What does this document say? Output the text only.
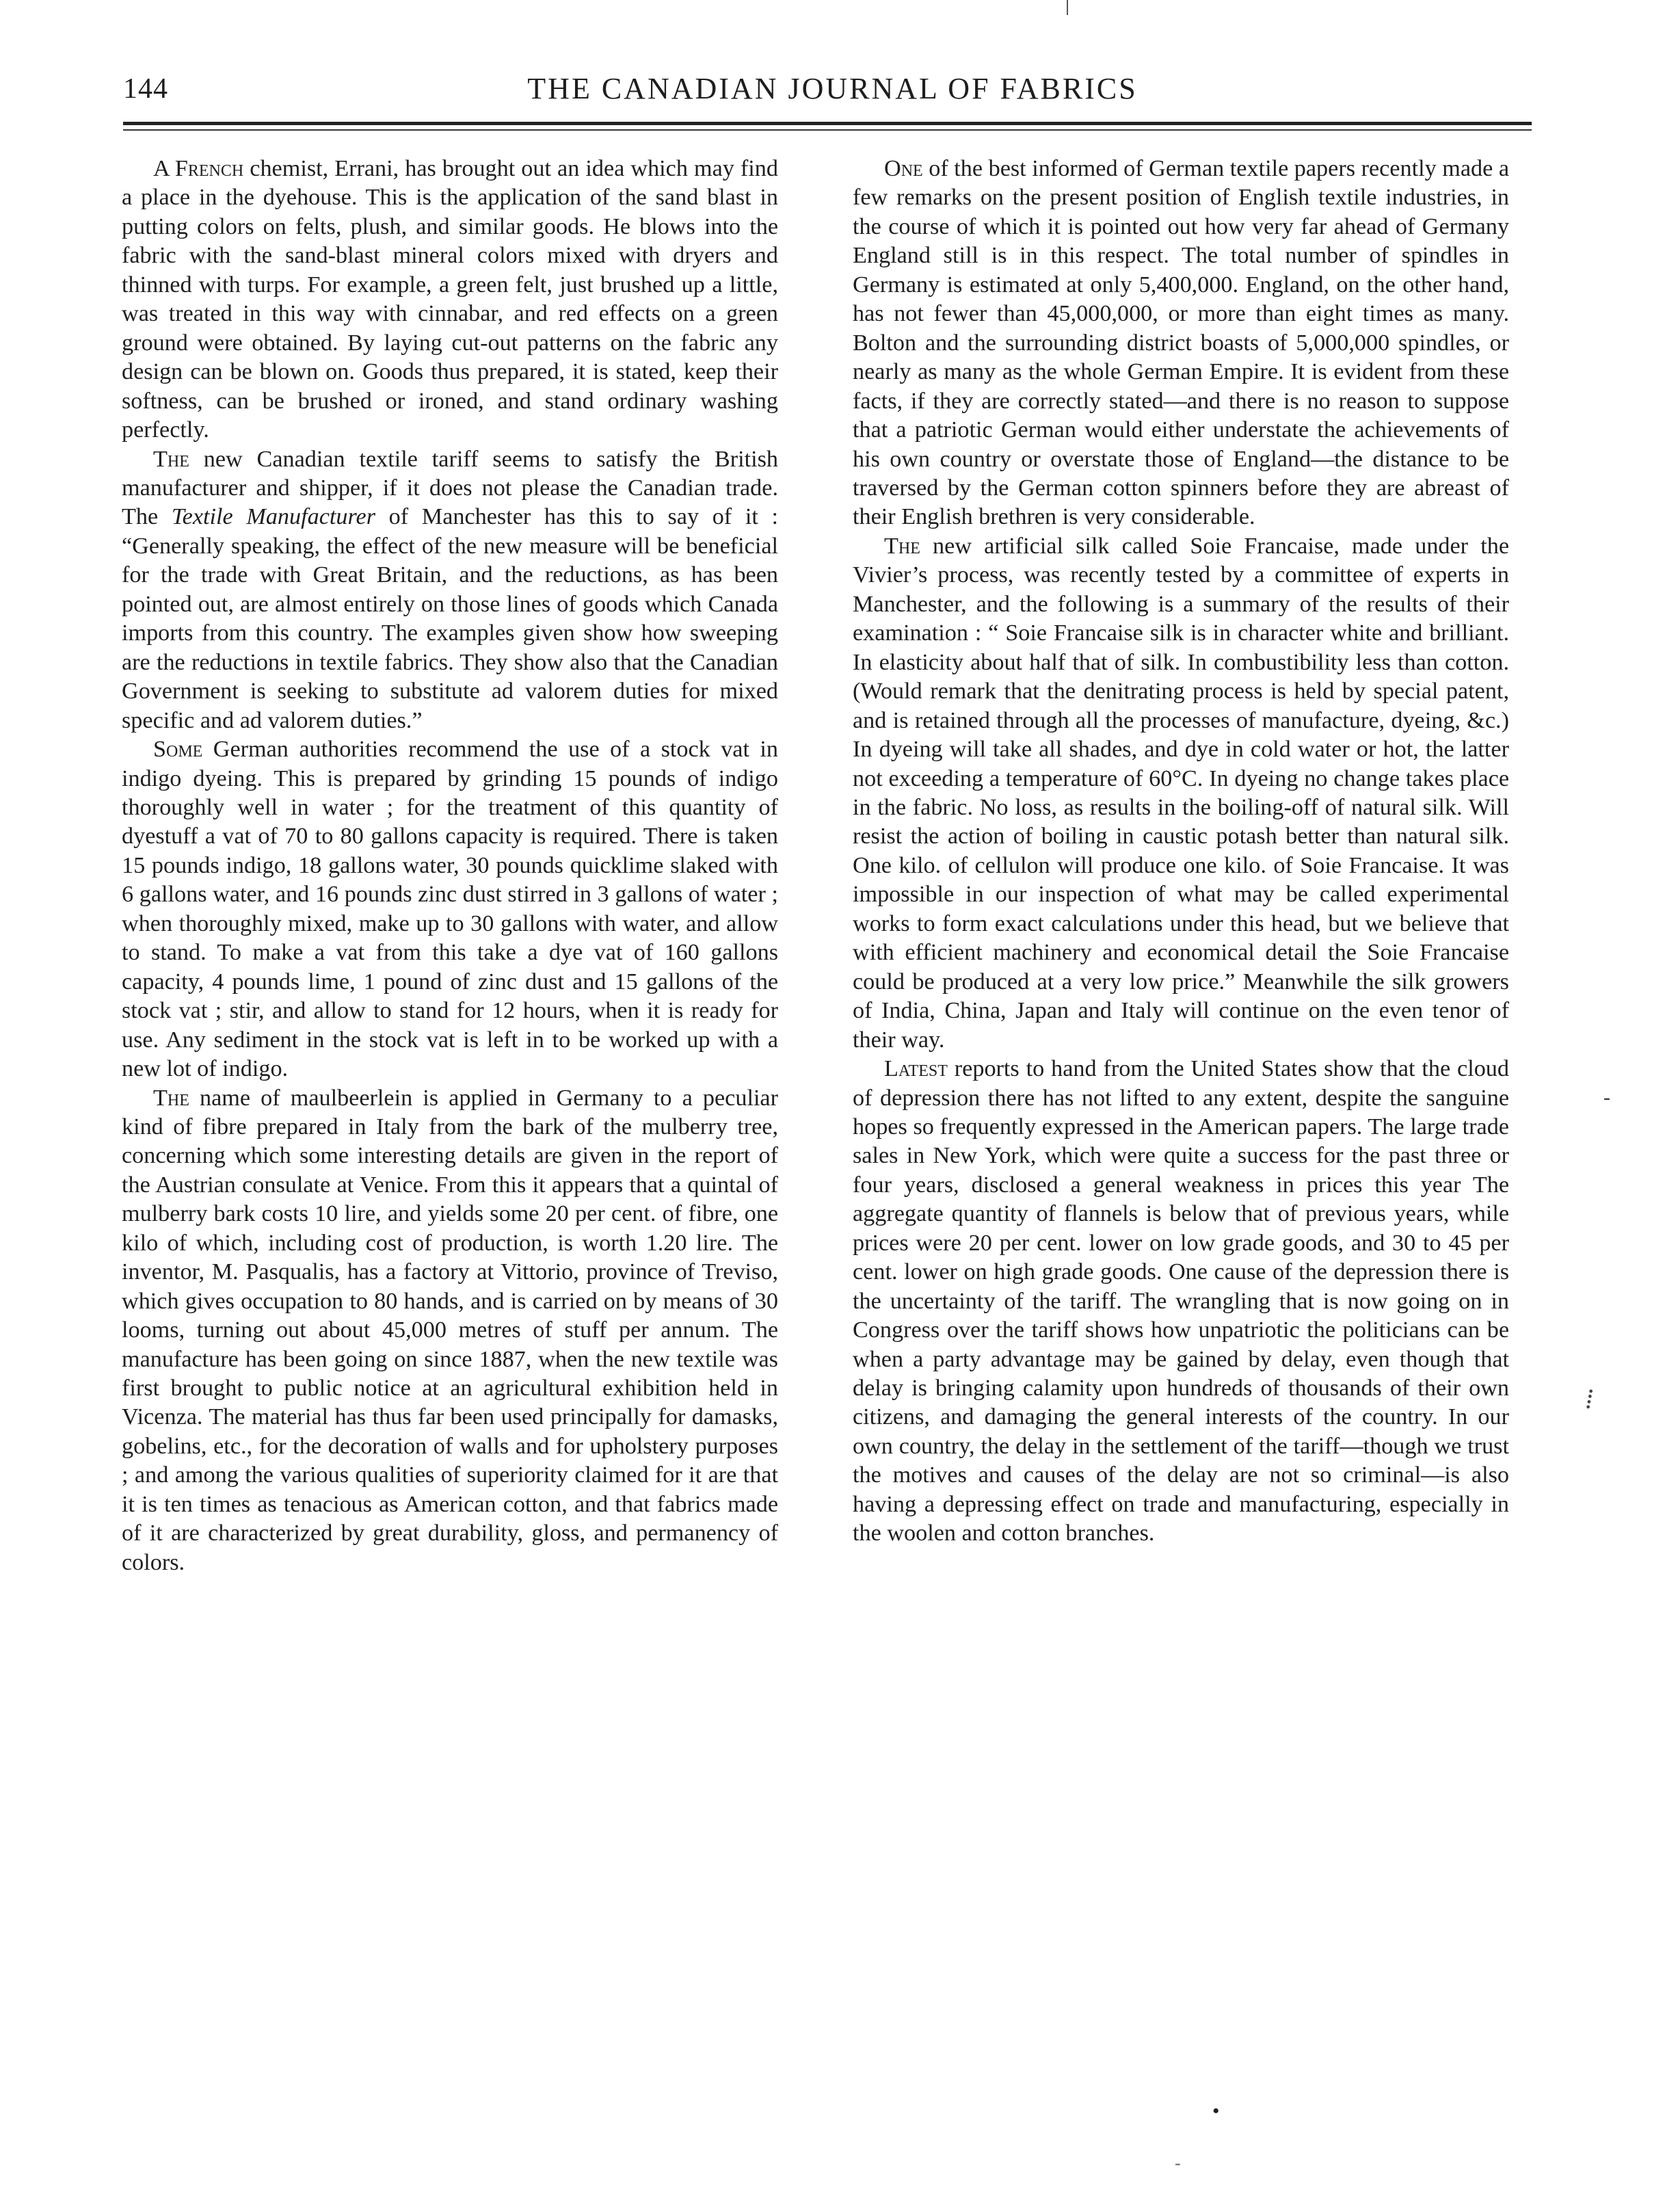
144	THE CANADIAN JOURNAL OF FABRICS

A French chemist, Errani, has brought out an idea which may find a place in the dyehouse. This is the application of the sand blast in putting colors on felts, plush, and similar goods. He blows into the fabric with the sand-blast mineral colors mixed with dryers and thinned with turps. For example, a green felt, just brushed up a little, was treated in this way with cinnabar, and red effects on a green ground were obtained. By laying cut-out patterns on the fabric any design can be blown on. Goods thus prepared, it is stated, keep their softness, can be brushed or ironed, and stand ordinary washing perfectly.

The new Canadian textile tariff seems to satisfy the British manufacturer and shipper, if it does not please the Canadian trade. The Textile Manufacturer of Manchester has this to say of it : “Generally speaking, the effect of the new measure will be beneficial for the trade with Great Britain, and the reductions, as has been pointed out, are almost entirely on those lines of goods which Canada imports from this country. The examples given show how sweeping are the reductions in textile fabrics. They show also that the Canadian Government is seeking to substitute ad valorem duties for mixed specific and ad valorem duties.”

Some German authorities recommend the use of a stock vat in indigo dyeing. This is prepared by grinding 15 pounds of indigo thoroughly well in water ; for the treatment of this quantity of dyestuff a vat of 70 to 80 gallons capacity is required. There is taken 15 pounds indigo, 18 gallons water, 30 pounds quicklime slaked with 6 gallons water, and 16 pounds zinc dust stirred in 3 gallons of water ; when thoroughly mixed, make up to 30 gallons with water, and allow to stand. To make a vat from this take a dye vat of 160 gallons capacity, 4 pounds lime, 1 pound of zinc dust and 15 gallons of the stock vat ; stir, and allow to stand for 12 hours, when it is ready for use. Any sediment in the stock vat is left in to be worked up with a new lot of indigo.

The name of maulbeerlein is applied in Germany to a peculiar kind of fibre prepared in Italy from the bark of the mulberry tree, concerning which some interesting details are given in the report of the Austrian consulate at Venice. From this it appears that a quintal of mulberry bark costs 10 lire, and yields some 20 per cent. of fibre, one kilo of which, including cost of production, is worth 1.20 lire. The inventor, M. Pasqualis, has a factory at Vittorio, province of Treviso, which gives occupation to 80 hands, and is carried on by means of 30 looms, turning out about 45,000 metres of stuff per annum. The manufacture has been going on since 1887, when the new textile was first brought to public notice at an agricultural exhibition held in Vicenza. The material has thus far been used principally for damasks, gobelins, etc., for the decoration of walls and for upholstery purposes ; and among the various qualities of superiority claimed for it are that it is ten times as tenacious as American cotton, and that fabrics made of it are characterized by great durability, gloss, and permanency of colors.

One of the best informed of German textile papers recently made a few remarks on the present position of English textile industries, in the course of which it is pointed out how very far ahead of Germany England still is in this respect. The total number of spindles in Germany is estimated at only 5,400,000. England, on the other hand, has not fewer than 45,000,000, or more than eight times as many. Bolton and the surrounding district boasts of 5,000,000 spindles, or nearly as many as the whole German Empire. It is evident from these facts, if they are correctly stated—and there is no reason to suppose that a patriotic German would either understate the achievements of his own country or overstate those of England—the distance to be traversed by the German cotton spinners before they are abreast of their English brethren is very considerable.

The new artificial silk called Soie Francaise, made under the Vivier’s process, was recently tested by a committee of experts in Manchester, and the following is a summary of the results of their examination : “ Soie Francaise silk is in character white and brilliant. In elasticity about half that of silk. In combustibility less than cotton. (Would remark that the denitrating process is held by special patent, and is retained through all the processes of manufacture, dyeing, &c.) In dyeing will take all shades, and dye in cold water or hot, the latter not exceeding a temperature of 60°C. In dyeing no change takes place in the fabric. No loss, as results in the boiling-off of natural silk. Will resist the action of boiling in caustic potash better than natural silk. One kilo. of cellulon will produce one kilo. of Soie Francaise. It was impossible in our inspection of what may be called experimental works to form exact calculations under this head, but we believe that with efficient machinery and economical detail the Soie Francaise could be produced at a very low price.” Meanwhile the silk growers of India, China, Japan and Italy will continue on the even tenor of their way.

Latest reports to hand from the United States show that the cloud of depression there has not lifted to any extent, despite the sanguine hopes so frequently expressed in the American papers. The large trade sales in New York, which were quite a success for the past three or four years, disclosed a general weakness in prices this year The aggregate quantity of flannels is below that of previous years, while prices were 20 per cent. lower on low grade goods, and 30 to 45 per cent. lower on high grade goods. One cause of the depression there is the uncertainty of the tariff. The wrangling that is now going on in Congress over the tariff shows how unpatriotic the politicians can be when a party advantage may be gained by delay, even though that delay is bringing calamity upon hundreds of thousands of their own citizens, and damaging the general interests of the country. In our own country, the delay in the settlement of the tariff—though we trust the motives and causes of the delay are not so criminal—is also having a depressing effect on trade and manufacturing, especially in the woolen and cotton branches.

-
⁞
•
-
